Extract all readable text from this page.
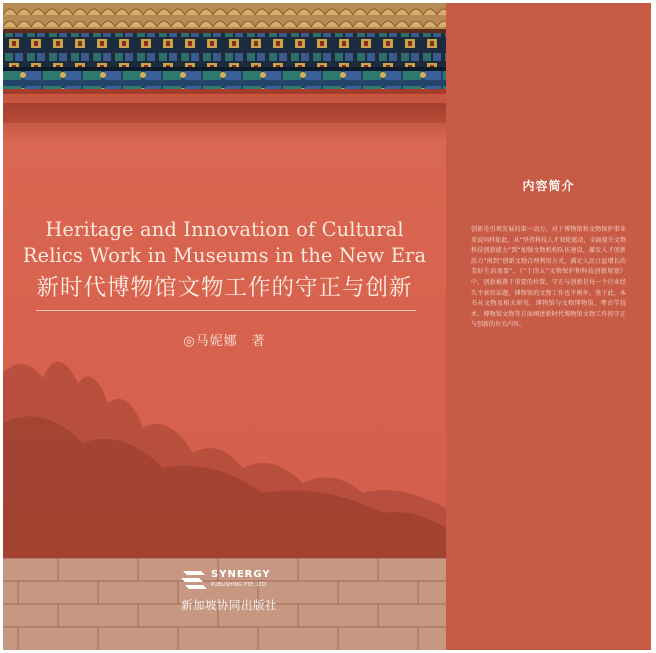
Heritage and Innovation of Cultural
Relics Work in Museums in the New Era
新时代博物馆文物工作的守正与创新
◎马妮娜　著
SYNERGY
PUBLISHING PTE. LTD.
新加坡协同出版社
内容简介
创新是引领发展的第一动力，对于博物馆和文物保护事业来说同样如此。从“坚持科技人才双轮驱动，全面提升文物科技创新能力”到“加强文物机构队伍建设，激发人才创新活力”再到“创新文物合理利用方式，满足人民日益增长的美好生活需要”，《“十四五”文物保护和科技创新规划》中，创新被置于重要的位置。守正与创新是每一个行业经久不衰的话题，博物馆的文物工作也不例外。基于此，本书从文物及相关研究、博物馆与文物博物馆、考古学技术、博物馆文物等方面阐述新时代博物馆文物工作的守正与创新的有关内容。
